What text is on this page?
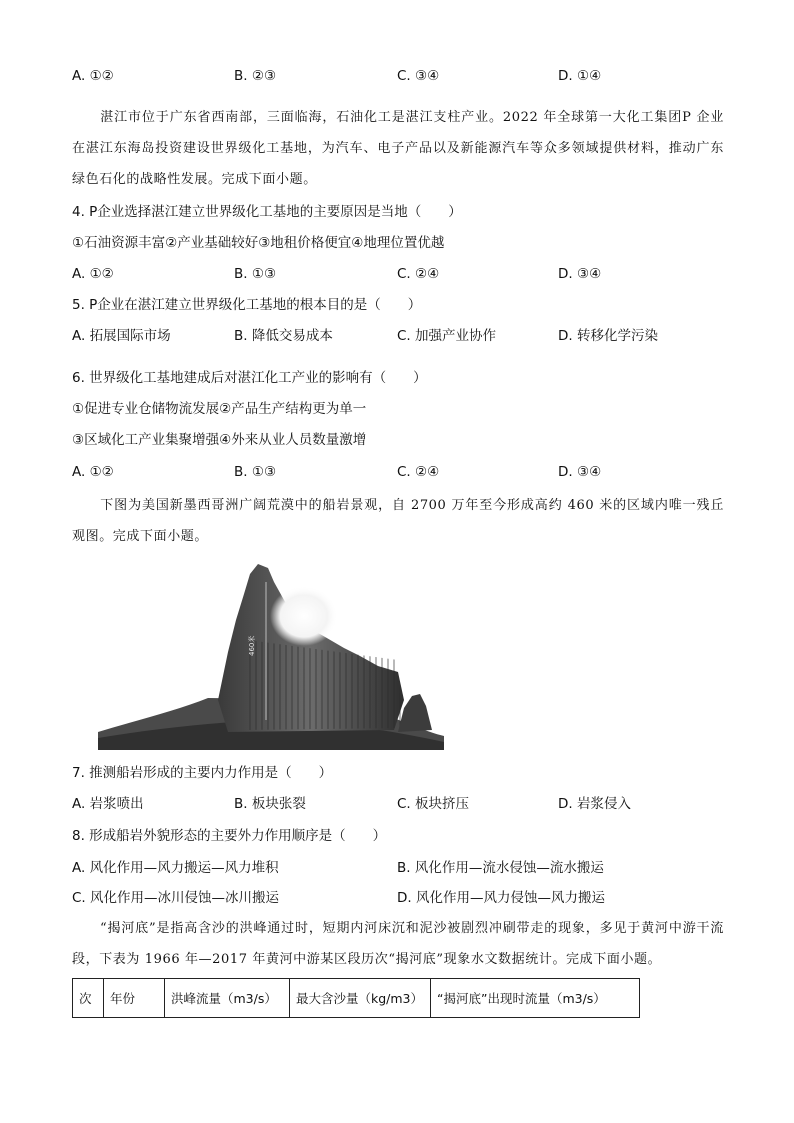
A. ①②	B. ②③	C. ③④	D. ①④
湛江市位于广东省西南部，三面临海，石油化工是湛江支柱产业。2022 年全球第一大化工集团P 企业在湛江东海岛投资建设世界级化工基地，为汽车、电子产品以及新能源汽车等众多领域提供材料，推动广东绿色石化的战略性发展。完成下面小题。
4. P企业选择湛江建立世界级化工基地的主要原因是当地（　　）
①石油资源丰富②产业基础较好③地租价格便宜④地理位置优越
A. ①②	B. ①③	C. ②④	D. ③④
5. P企业在湛江建立世界级化工基地的根本目的是（　　）
A. 拓展国际市场	B. 降低交易成本	C. 加强产业协作	D. 转移化学污染
6. 世界级化工基地建成后对湛江化工产业的影响有（　　）
①促进专业仓储物流发展②产品生产结构更为单一
③区域化工产业集聚增强④外来从业人员数量激增
A. ①②	B. ①③	C. ②④	D. ③④
下图为美国新墨西哥洲广阔荒漠中的船岩景观，自 2700 万年至今形成高约 460 米的区域内唯一残丘观图。完成下面小题。
460米
7. 推测船岩形成的主要内力作用是（　　）
A. 岩浆喷出	B. 板块张裂	C. 板块挤压	D. 岩浆侵入
8. 形成船岩外貌形态的主要外力作用顺序是（　　）
A. 风化作用—风力搬运—风力堆积	B. 风化作用—流水侵蚀—流水搬运
C. 风化作用—冰川侵蚀—冰川搬运	D. 风化作用—风力侵蚀—风力搬运
“揭河底”是指高含沙的洪峰通过时，短期内河床沉和泥沙被剧烈冲刷带走的现象，多见于黄河中游干流段，下表为 1966 年—2017 年黄河中游某区段历次“揭河底”现象水文数据统计。完成下面小题。
次	年份	洪峰流量（m3/s）	最大含沙量（kg/m3）	“揭河底”出现时流量（m3/s）
